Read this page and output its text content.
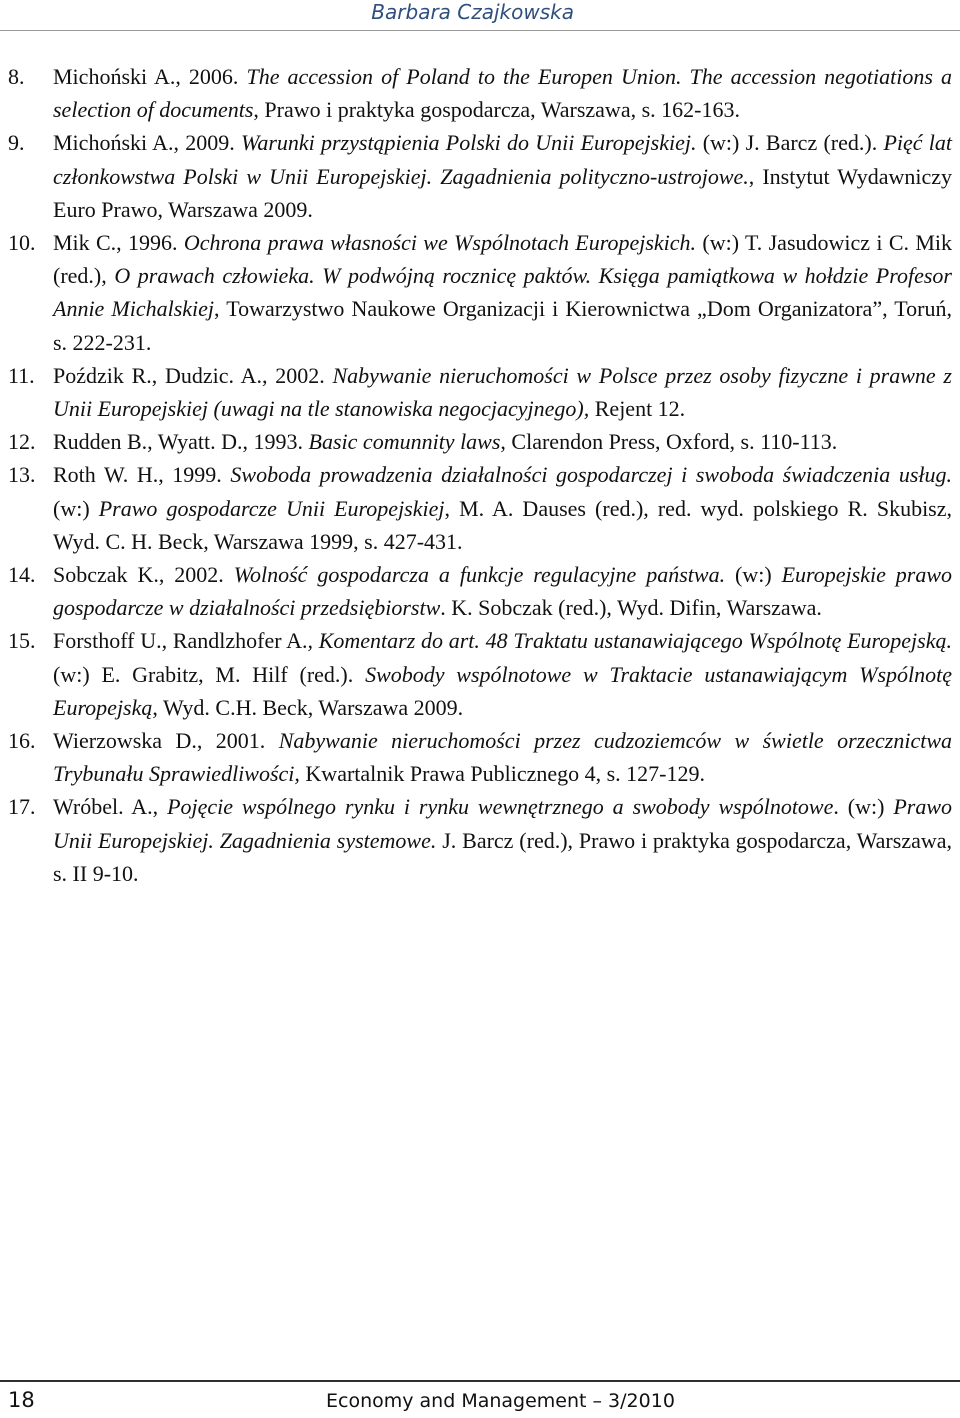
Barbara Czajkowska
8. Michoński A., 2006. The accession of Poland to the Europen Union. The accession negotiations a selection of documents, Prawo i praktyka gospodarcza, Warszawa, s. 162-163.
9. Michoński A., 2009. Warunki przystąpienia Polski do Unii Europejskiej. (w:) J. Barcz (red.). Pięć lat członkowstwa Polski w Unii Europejskiej. Zagadnienia polityczno-ustrojowe., Instytut Wydawniczy Euro Prawo, Warszawa 2009.
10. Mik C., 1996. Ochrona prawa własności we Wspólnotach Europejskich. (w:) T. Jasudowicz i C. Mik (red.), O prawach człowieka. W podwójną rocznicę paktów. Księga pamiątkowa w hołdzie Profesor Annie Michalskiej, Towarzystwo Naukowe Organizacji i Kierownictwa „Dom Organizatora”, Toruń, s. 222-231.
11. Poździk R., Dudzic. A., 2002. Nabywanie nieruchomości w Polsce przez osoby fizyczne i prawne z Unii Europejskiej (uwagi na tle stanowiska negocjacyjnego), Rejent 12.
12. Rudden B., Wyatt. D., 1993. Basic comunnity laws, Clarendon Press, Oxford, s. 110-113.
13. Roth W. H., 1999. Swoboda prowadzenia działalności gospodarczej i swoboda świadczenia usług. (w:) Prawo gospodarcze Unii Europejskiej, M. A. Dauses (red.), red. wyd. polskiego R. Skubisz, Wyd. C. H. Beck, Warszawa 1999, s. 427-431.
14. Sobczak K., 2002. Wolność gospodarcza a funkcje regulacyjne państwa. (w:) Europejskie prawo gospodarcze w działalności przedsiębiorstw. K. Sobczak (red.), Wyd. Difin, Warszawa.
15. Forsthoff U., Randlzhofer A., Komentarz do art. 48 Traktatu ustanawiającego Wspólnotę Europejską. (w:) E. Grabitz, M. Hilf (red.). Swobody wspólnotowe w Traktacie ustanawiającym Wspólnotę Europejską, Wyd. C.H. Beck, Warszawa 2009.
16. Wierzowska D., 2001. Nabywanie nieruchomości przez cudzoziemców w świetle orzecznictwa Trybunału Sprawiedliwości, Kwartalnik Prawa Publicznego 4, s. 127-129.
17. Wróbel. A., Pojęcie wspólnego rynku i rynku wewnętrznego a swobody wspólnotowe. (w:) Prawo Unii Europejskiej. Zagadnienia systemowe. J. Barcz (red.), Prawo i praktyka gospodarcza, Warszawa, s. II 9-10.
18	Economy and Management – 3/2010
